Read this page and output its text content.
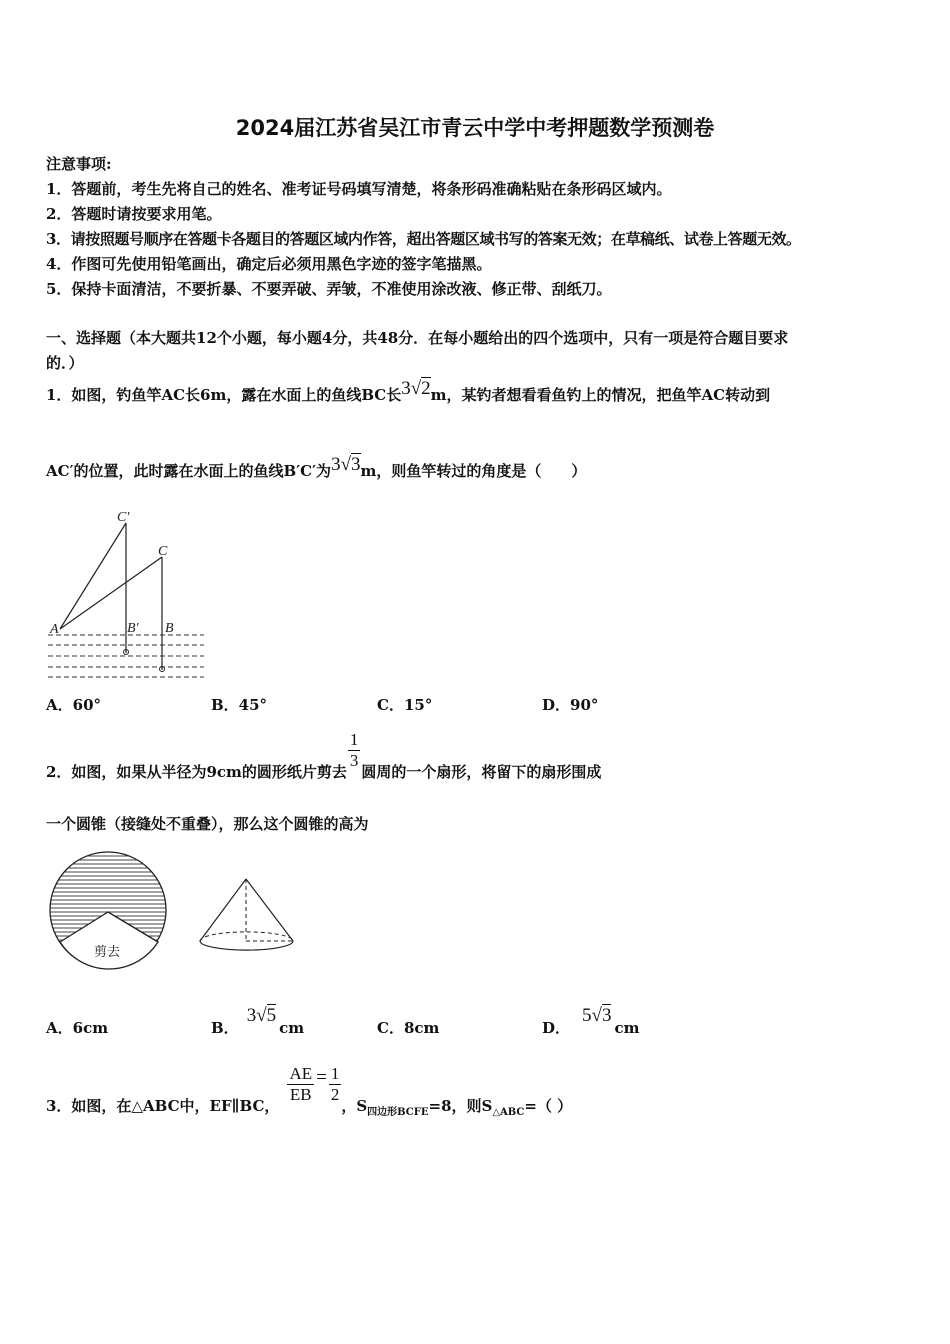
2024届江苏省吴江市青云中学中考押题数学预测卷
注意事项:
1．答题前，考生先将自己的姓名、准考证号码填写清楚，将条形码准确粘贴在条形码区域内。
2．答题时请按要求用笔。
3．请按照题号顺序在答题卡各题目的答题区域内作答，超出答题区域书写的答案无效；在草稿纸、试卷上答题无效。
4．作图可先使用铅笔画出，确定后必须用黑色字迹的签字笔描黑。
5．保持卡面清洁，不要折暴、不要弄破、弄皱，不准使用涂改液、修正带、刮纸刀。
一、选择题（本大题共12个小题，每小题4分，共48分．在每小题给出的四个选项中，只有一项是符合题目要求
的．）
1．如图，钓鱼竿AC长6m，露在水面上的鱼线BC长3√2m，某钓者想看看鱼钓上的情况，把鱼竿AC转动到
AC′的位置，此时露在水面上的鱼线B′C′为3√3m，则鱼竿转过的角度是（　　）
C′
C
A	B′ B
A．60°	B．45°	C．15°	D．90°
2．如图，如果从半径为9cm的圆形纸片剪去
$\frac{1}{3}$
圆周的一个扇形，将留下的扇形围成
一个圆锥（接缝处不重叠），那么这个圆锥的高为
剪去
A．6cm	B．3√5cm	C．8cm	D．5√3cm
3．如图，在△ABC中，EF∥BC，
$\frac{AE}{EB} = \frac{1}{2}$
，$S_{四边形BCFE}=8$，则$S_{\triangle ABC}=$（ ）
